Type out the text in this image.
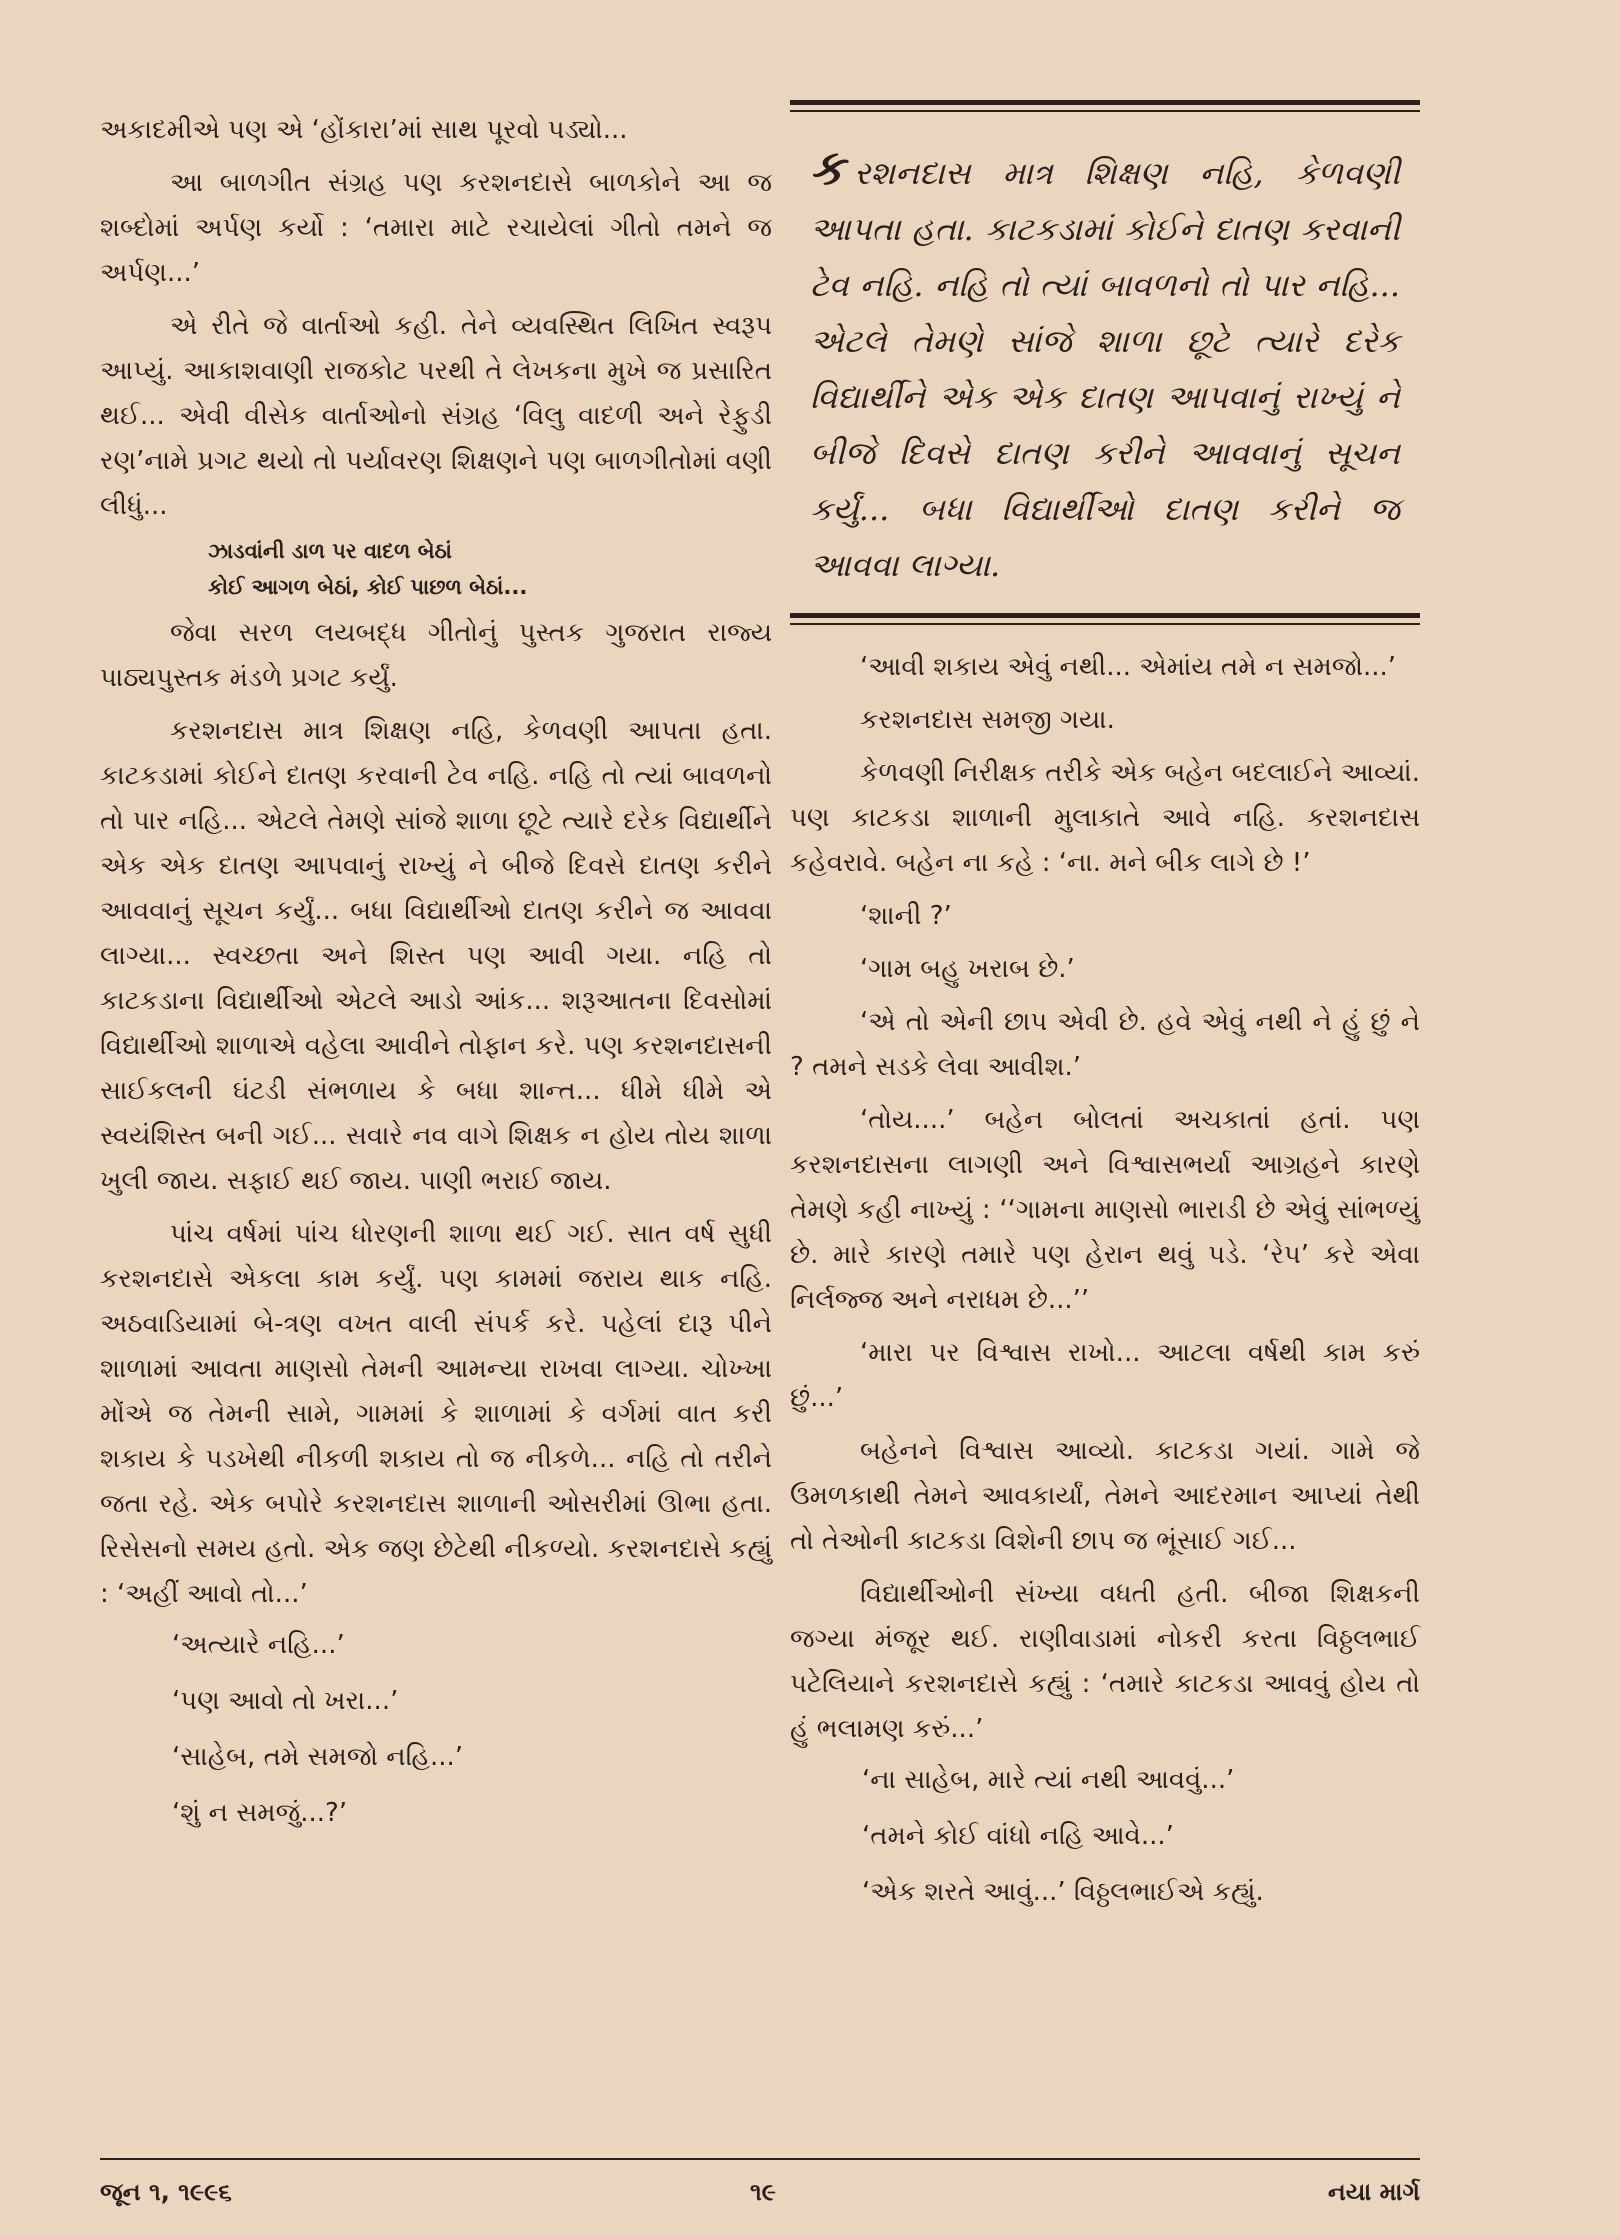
અકાદમીએ પણ એ ‘હોંકારા’માં સાથ પૂરવો પડ્યો...

આ બાળગીત સંગ્રહ પણ કરશનદાસે બાળકોને આ જ શબ્દોમાં અર્પણ કર્યો : ‘તમારા માટે રચાયેલાં ગીતો તમને જ અર્પણ...’

એ રીતે જે વાર્તાઓ કહી. તેને વ્યવસ્થિત લિખિત સ્વરૂપ આપ્યું. આકાશવાણી રાજકોટ પરથી તે લેખકના મુખે જ પ્રસારિત થઈ... એવી વીસેક વાર્તાઓનો સંગ્રહ ‘વિલુ વાદળી અને રેફુડી રણ’નામે પ્રગટ થયો તો પર્યાવરણ શિક્ષણને પણ બાળગીતોમાં વણી લીધું...

ઝાડવાંની ડાળ પર વાદળ બેઠાં
કોઈ આગળ બેઠાં, કોઈ પાછળ બેઠાં...

જેવા સરળ લયબદ્ધ ગીતોનું પુસ્તક ગુજરાત રાજ્ય પાઠ્યપુસ્તક મંડળે પ્રગટ કર્યું.

કરશનદાસ માત્ર શિક્ષણ નહિ, કેળવણી આપતા હતા. કાટકડામાં કોઈને દાતણ કરવાની ટેવ નહિ. નહિ તો ત્યાં બાવળનો તો પાર નહિ... એટલે તેમણે સાંજે શાળા છૂટે ત્યારે દરેક વિદ્યાર્થીને એક એક દાતણ આપવાનું રાખ્યું ને બીજે દિવસે દાતણ કરીને આવવાનું સૂચન કર્યું... બધા વિદ્યાર્થીઓ દાતણ કરીને જ આવવા લાગ્યા... સ્વચ્છતા અને શિસ્ત પણ આવી ગયા. નહિ તો કાટકડાના વિદ્યાર્થીઓ એટલે આડો આંક... શરૂઆતના દિવસોમાં વિદ્યાર્થીઓ શાળાએ વહેલા આવીને તોફાન કરે. પણ કરશનદાસની સાઈકલની ઘંટડી સંભળાય કે બધા શાન્ત... ધીમે ધીમે એ સ્વયંશિસ્ત બની ગઈ... સવારે નવ વાગે શિક્ષક ન હોય તોય શાળા ખુલી જાય. સફાઈ થઈ જાય. પાણી ભરાઈ જાય.

પાંચ વર્ષમાં પાંચ ધોરણની શાળા થઈ ગઈ. સાત વર્ષ સુધી કરશનદાસે એકલા કામ કર્યું. પણ કામમાં જરાય થાક નહિ. અઠવાડિયામાં બે-ત્રણ વખત વાલી સંપર્ક કરે. પહેલાં દારૂ પીને શાળામાં આવતા માણસો તેમની આમન્યા રાખવા લાગ્યા. ચોખ્ખા મોંએ જ તેમની સામે, ગામમાં કે શાળામાં કે વર્ગમાં વાત કરી શકાય કે પડખેથી નીકળી શકાય તો જ નીકળે... નહિ તો તરીને જતા રહે. એક બપોરે કરશનદાસ શાળાની ઓસરીમાં ઊભા હતા. રિસેસનો સમય હતો. એક જણ છેટેથી નીકળ્યો. કરશનદાસે કહ્યું : ‘અહીં આવો તો...’

‘અત્યારે નહિ...’
‘પણ આવો તો ખરા...’
‘સાહેબ, તમે સમજો નહિ...’
‘શું ન સમજું...?’
કરશનદાસ માત્ર શિક્ષણ નહિ, કેળવણી આપતા હતા. કાટકડામાં કોઈને દાતણ કરવાની ટેવ નહિ. નહિ તો ત્યાં બાવળનો તો પાર નહિ... એટલે તેમણે સાંજે શાળા છૂટે ત્યારે દરેક વિદ્યાર્થીને એક એક દાતણ આપવાનું રાખ્યું ને બીજે દિવસે દાતણ કરીને આવવાનું સૂચન કર્યું... બધા વિદ્યાર્થીઓ દાતણ કરીને જ આવવા લાગ્યા.

‘આવી શકાય એવું નથી... એમાંય તમે ન સમજો...’

કરશનદાસ સમજી ગયા.

કેળવણી નિરીક્ષક તરીકે એક બહેન બદલાઈને આવ્યાં. પણ કાટકડા શાળાની મુલાકાતે આવે નહિ. કરશનદાસ કહેવરાવે. બહેન ના કહે : ‘ના. મને બીક લાગે છે !’

‘શાની ?’

‘ગામ બહુ ખરાબ છે.’

‘એ તો એની છાપ એવી છે. હવે એવું નથી ને હું છું ને ? તમને સડકે લેવા આવીશ.’

‘તોય....’ બહેન બોલતાં અચકાતાં હતાં. પણ કરશનદાસના લાગણી અને વિશ્વાસભર્યા આગ્રહને કારણે તેમણે કહી નાખ્યું : ‘‘ગામના માણસો ભારાડી છે એવું સાંભળ્યું છે. મારે કારણે તમારે પણ હેરાન થવું પડે. ‘રેપ’ કરે એવા નિર્લજ્જ અને નરાધમ છે...’’

‘મારા પર વિશ્વાસ રાખો... આટલા વર્ષથી કામ કરું છું...’

બહેનને વિશ્વાસ આવ્યો. કાટકડા ગયાં. ગામે જે ઉમળકાથી તેમને આવકાર્યાં, તેમને આદરમાન આપ્યાં તેથી તો તેઓની કાટકડા વિશેની છાપ જ ભૂંસાઈ ગઈ...

વિદ્યાર્થીઓની સંખ્યા વધતી હતી. બીજા શિક્ષકની જગ્યા મંજૂર થઈ. રાણીવાડામાં નોકરી કરતા વિઠ્ઠલભાઈ પટેલિયાને કરશનદાસે કહ્યું : ‘તમારે કાટકડા આવવું હોય તો હું ભલામણ કરું...’

‘ના સાહેબ, મારે ત્યાં નથી આવવું...’
‘તમને કોઈ વાંધો નહિ આવે...’
‘એક શરતે આવું...’ વિઠ્ઠલભાઈએ કહ્યું.
જૂન ૧, ૧૯૯૬	૧૯	નયા માર્ગ
